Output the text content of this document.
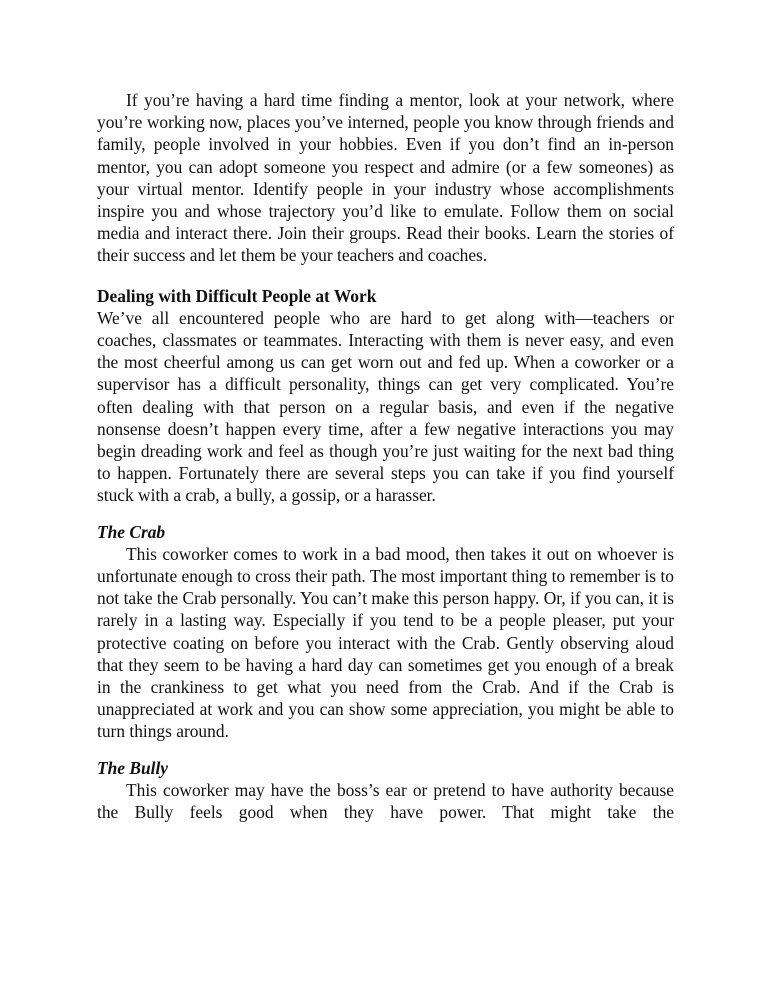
If you’re having a hard time finding a mentor, look at your network, where you’re working now, places you’ve interned, people you know through friends and family, people involved in your hobbies. Even if you don’t find an in-person mentor, you can adopt someone you respect and admire (or a few someones) as your virtual mentor. Identify people in your industry whose accomplishments inspire you and whose trajectory you’d like to emulate. Follow them on social media and interact there. Join their groups. Read their books. Learn the stories of their success and let them be your teachers and coaches.

Dealing with Difficult People at Work

We’ve all encountered people who are hard to get along with—teachers or coaches, classmates or teammates. Interacting with them is never easy, and even the most cheerful among us can get worn out and fed up. When a coworker or a supervisor has a difficult personality, things can get very complicated. You’re often dealing with that person on a regular basis, and even if the negative nonsense doesn’t happen every time, after a few negative interactions you may begin dreading work and feel as though you’re just waiting for the next bad thing to happen. Fortunately there are several steps you can take if you find yourself stuck with a crab, a bully, a gossip, or a harasser.

The Crab

This coworker comes to work in a bad mood, then takes it out on whoever is unfortunate enough to cross their path. The most important thing to remember is to not take the Crab personally. You can’t make this person happy. Or, if you can, it is rarely in a lasting way. Especially if you tend to be a people pleaser, put your protective coating on before you interact with the Crab. Gently observing aloud that they seem to be having a hard day can sometimes get you enough of a break in the crankiness to get what you need from the Crab. And if the Crab is unappreciated at work and you can show some appreciation, you might be able to turn things around.

The Bully

This coworker may have the boss’s ear or pretend to have authority because the Bully feels good when they have power. That might take the
